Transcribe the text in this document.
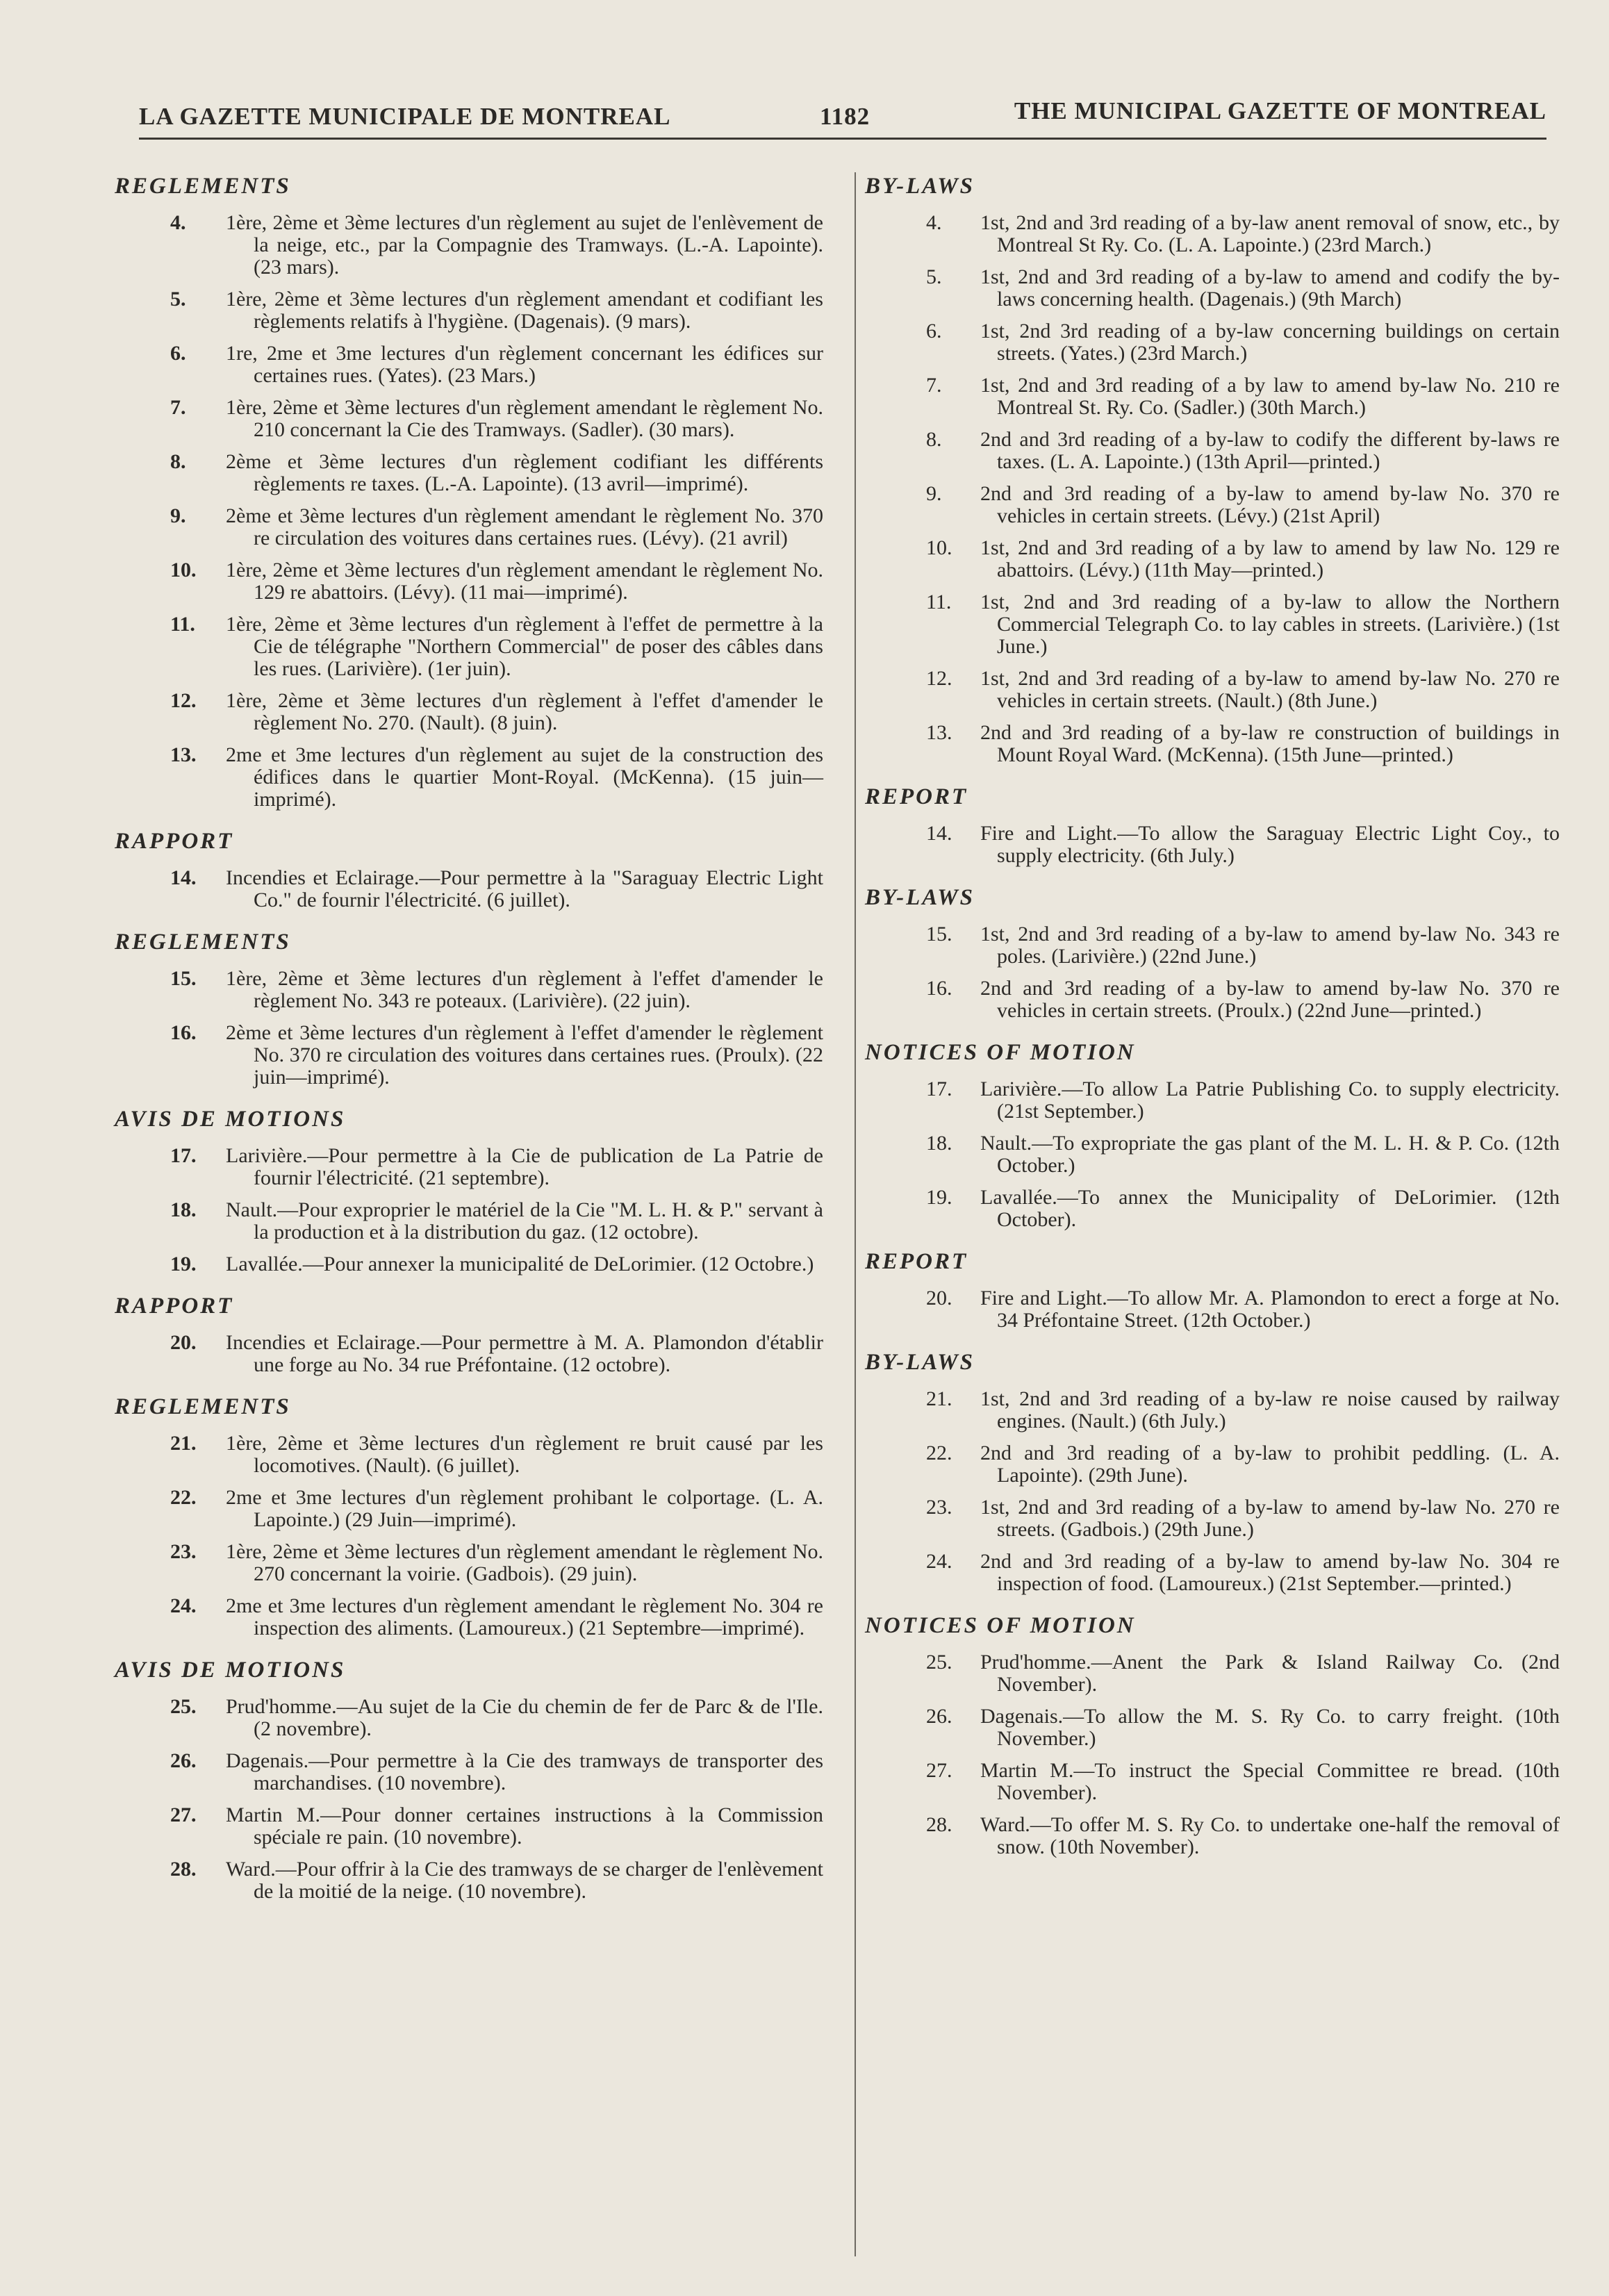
LA GAZETTE MUNICIPALE DE MONTREAL	1182	THE MUNICIPAL GAZETTE OF MONTREAL
REGLEMENTS
4. 1ère, 2ème et 3ème lectures d'un règlement au sujet de l'enlèvement de la neige, etc., par la Compagnie des Tramways. (L.-A. Lapointe). (23 mars).
5. 1ère, 2ème et 3ème lectures d'un règlement amendant et codifiant les règlements relatifs à l'hygiène. (Dagenais). (9 mars).
6. 1re, 2me et 3me lectures d'un règlement concernant les édifices sur certaines rues. (Yates). (23 Mars.)
7. 1ère, 2ème et 3ème lectures d'un règlement amendant le règlement No. 210 concernant la Cie des Tramways. (Sadler). (30 mars).
8. 2ème et 3ème lectures d'un règlement codifiant les différents règlements re taxes. (L.-A. Lapointe). (13 avril—imprimé).
9. 2ème et 3ème lectures d'un règlement amendant le règlement No. 370 re circulation des voitures dans certaines rues. (Lévy). (21 avril)
10. 1ère, 2ème et 3ème lectures d'un règlement amendant le règlement No. 129 re abattoirs. (Lévy). (11 mai—imprimé).
11. 1ère, 2ème et 3ème lectures d'un règlement à l'effet de permettre à la Cie de télégraphe "Northern Commercial" de poser des câbles dans les rues. (Larivière). (1er juin).
12. 1ère, 2ème et 3ème lectures d'un règlement à l'effet d'amender le règlement No. 270. (Nault). (8 juin).
13. 2me et 3me lectures d'un règlement au sujet de la construction des édifices dans le quartier Mont-Royal. (McKenna). (15 juin—imprimé).
RAPPORT
14. Incendies et Eclairage.—Pour permettre à la "Saraguay Electric Light Co." de fournir l'électricité. (6 juillet).
REGLEMENTS
15. 1ère, 2ème et 3ème lectures d'un règlement à l'effet d'amender le règlement No. 343 re poteaux. (Larivière). (22 juin).
16. 2ème et 3ème lectures d'un règlement à l'effet d'amender le règlement No. 370 re circulation des voitures dans certaines rues. (Proulx). (22 juin—imprimé).
AVIS DE MOTIONS
17. Larivière.—Pour permettre à la Cie de publication de La Patrie de fournir l'électricité. (21 septembre).
18. Nault.—Pour exproprier le matériel de la Cie "M. L. H. & P." servant à la production et à la distribution du gaz. (12 octobre).
19. Lavallée.—Pour annexer la municipalité de DeLorimier. (12 Octobre.)
RAPPORT
20. Incendies et Eclairage.—Pour permettre à M. A. Plamondon d'établir une forge au No. 34 rue Préfontaine. (12 octobre).
REGLEMENTS
21. 1ère, 2ème et 3ème lectures d'un règlement re bruit causé par les locomotives. (Nault). (6 juillet).
22. 2me et 3me lectures d'un règlement prohibant le colportage. (L. A. Lapointe.) (29 Juin—imprimé).
23. 1ère, 2ème et 3ème lectures d'un règlement amendant le règlement No. 270 concernant la voirie. (Gadbois). (29 juin).
24. 2me et 3me lectures d'un règlement amendant le règlement No. 304 re inspection des aliments. (Lamoureux.) (21 Septembre—imprimé).
AVIS DE MOTIONS
25. Prud'homme.—Au sujet de la Cie du chemin de fer de Parc & de l'Ile. (2 novembre).
26. Dagenais.—Pour permettre à la Cie des tramways de transporter des marchandises. (10 novembre).
27. Martin M.—Pour donner certaines instructions à la Commission spéciale re pain. (10 novembre).
28. Ward.—Pour offrir à la Cie des tramways de se charger de l'enlèvement de la moitié de la neige. (10 novembre).
BY-LAWS
4. 1st, 2nd and 3rd reading of a by-law anent removal of snow, etc., by Montreal St Ry. Co. (L. A. Lapointe.) (23rd March.)
5. 1st, 2nd and 3rd reading of a by-law to amend and codify the by-laws concerning health. (Dagenais.) (9th March)
6. 1st, 2nd 3rd reading of a by-law concerning buildings on certain streets. (Yates.) (23rd March.)
7. 1st, 2nd and 3rd reading of a by law to amend by-law No. 210 re Montreal St. Ry. Co. (Sadler.) (30th March.)
8. 2nd and 3rd reading of a by-law to codify the different by-laws re taxes. (L. A. Lapointe.) (13th April—printed.)
9. 2nd and 3rd reading of a by-law to amend by-law No. 370 re vehicles in certain streets. (Lévy.) (21st April)
10. 1st, 2nd and 3rd reading of a by law to amend by law No. 129 re abattoirs. (Lévy.) (11th May—printed.)
11. 1st, 2nd and 3rd reading of a by-law to allow the Northern Commercial Telegraph Co. to lay cables in streets. (Larivière.) (1st June.)
12. 1st, 2nd and 3rd reading of a by-law to amend by-law No. 270 re vehicles in certain streets. (Nault.) (8th June.)
13. 2nd and 3rd reading of a by-law re construction of buildings in Mount Royal Ward. (McKenna). (15th June—printed.)
REPORT
14. Fire and Light.—To allow the Saraguay Electric Light Coy., to supply electricity. (6th July.)
BY-LAWS
15. 1st, 2nd and 3rd reading of a by-law to amend by-law No. 343 re poles. (Larivière.) (22nd June.)
16. 2nd and 3rd reading of a by-law to amend by-law No. 370 re vehicles in certain streets. (Proulx.) (22nd June—printed.)
NOTICES OF MOTION
17. Larivière.—To allow La Patrie Publishing Co. to supply electricity. (21st September.)
18. Nault.—To expropriate the gas plant of the M. L. H. & P. Co. (12th October.)
19. Lavallée.—To annex the Municipality of DeLorimier. (12th October).
REPORT
20. Fire and Light.—To allow Mr. A. Plamondon to erect a forge at No. 34 Préfontaine Street. (12th October.)
BY-LAWS
21. 1st, 2nd and 3rd reading of a by-law re noise caused by railway engines. (Nault.) (6th July.)
22. 2nd and 3rd reading of a by-law to prohibit peddling. (L. A. Lapointe). (29th June).
23. 1st, 2nd and 3rd reading of a by-law to amend by-law No. 270 re streets. (Gadbois.) (29th June.)
24. 2nd and 3rd reading of a by-law to amend by-law No. 304 re inspection of food. (Lamoureux.) (21st September.—printed.)
NOTICES OF MOTION
25. Prud'homme.—Anent the Park & Island Railway Co. (2nd November).
26. Dagenais.—To allow the M. S. Ry Co. to carry freight. (10th November.)
27. Martin M.—To instruct the Special Committee re bread. (10th November).
28. Ward.—To offer M. S. Ry Co. to undertake one-half the removal of snow. (10th November).
